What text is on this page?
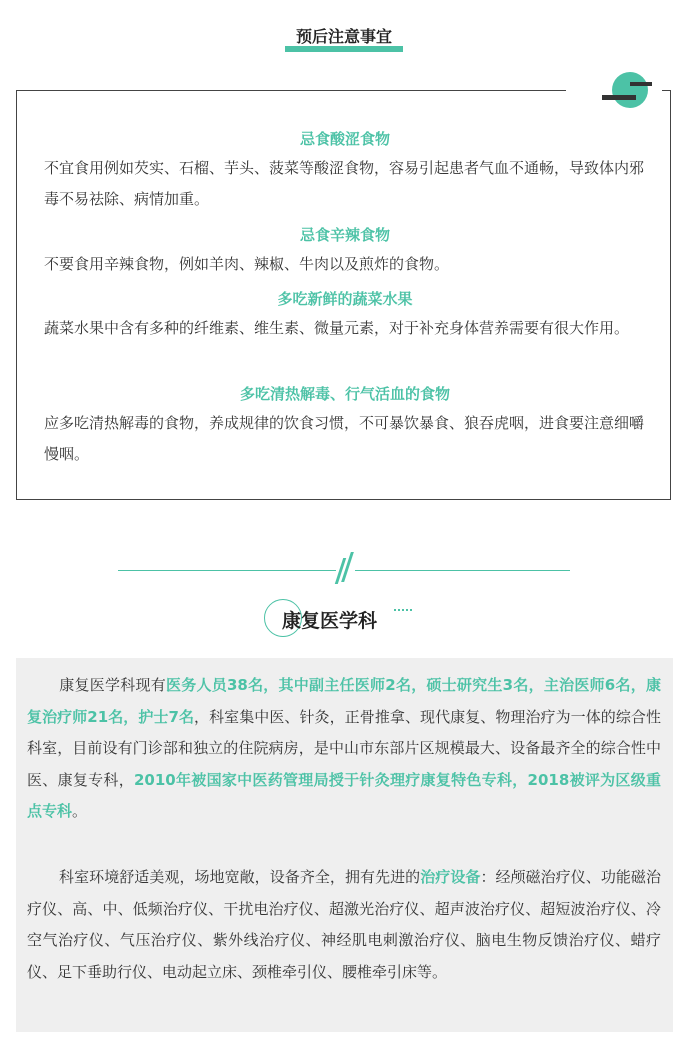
预后注意事宜
忌食酸涩食物
不宜食用例如芡实、石榴、芋头、菠菜等酸涩食物，容易引起患者气血不通畅，导致体内邪毒不易祛除、病情加重。
忌食辛辣食物
不要食用辛辣食物，例如羊肉、辣椒、牛肉以及煎炸的食物。
多吃新鲜的蔬菜水果
蔬菜水果中含有多种的纤维素、维生素、微量元素，对于补充身体营养需要有很大作用。
多吃清热解毒、行气活血的食物
应多吃清热解毒的食物，养成规律的饮食习惯，不可暴饮暴食、狼吞虎咽，进食要注意细嚼慢咽。
康复医学科
康复医学科现有医务人员38名，其中副主任医师2名，硕士研究生3名，主治医师6名，康复治疗师21名，护士7名，科室集中医、针灸，正骨推拿、现代康复、物理治疗为一体的综合性科室，目前设有门诊部和独立的住院病房，是中山市东部片区规模最大、设备最齐全的综合性中医、康复专科，2010年被国家中医药管理局授于针灸理疗康复特色专科，2018被评为区级重点专科。
科室环境舒适美观，场地宽敞，设备齐全，拥有先进的治疗设备：经颅磁治疗仪、功能磁治疗仪、高、中、低频治疗仪、干扰电治疗仪、超激光治疗仪、超声波治疗仪、超短波治疗仪、冷空气治疗仪、气压治疗仪、紫外线治疗仪、神经肌电刺激治疗仪、脑电生物反馈治疗仪、蜡疗仪、足下垂助行仪、电动起立床、颈椎牵引仪、腰椎牵引床等。
